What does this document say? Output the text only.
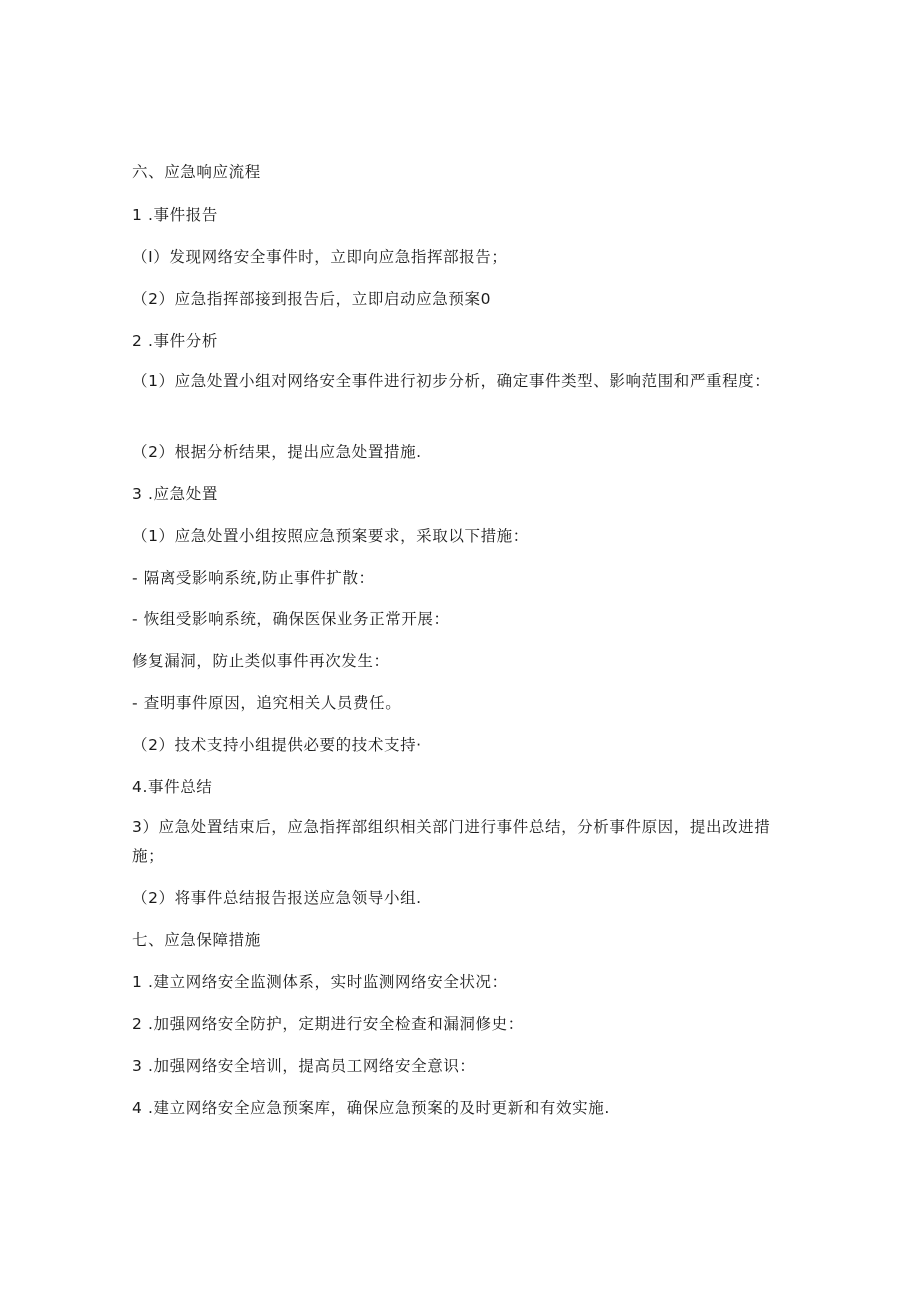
六、应急响应流程
1 .事件报告
（I）发现网络安全事件时，立即向应急指挥部报告；
（2）应急指挥部接到报告后，立即启动应急预案0
2 .事件分析
（1）应急处置小组对网络安全事件进行初步分析，确定事件类型、影响范围和严重程度：
（2）根据分析结果，提出应急处置措施.
3 .应急处置
（1）应急处置小组按照应急预案要求，采取以下措施：
- 隔离受影响系统,防止事件扩散：
- 恢组受影响系统，确保医保业务正常开展：
修复漏洞，防止类似事件再次发生：
- 查明事件原因，追究相关人员费任。
（2）技术支持小组提供必要的技术支持·
4.事件总结
3）应急处置结束后，应急指挥部组织相关部门进行事件总结，分析事件原因，提出改进措施；
（2）将事件总结报告报送应急领导小组.
七、应急保障措施
1 .建立网络安全监测体系，实时监测网络安全状况：
2 .加强网络安全防护，定期进行安全检查和漏洞修史：
3 .加强网络安全培训，提高员工网络安全意识：
4 .建立网络安全应急预案库，确保应急预案的及时更新和有效实施.
